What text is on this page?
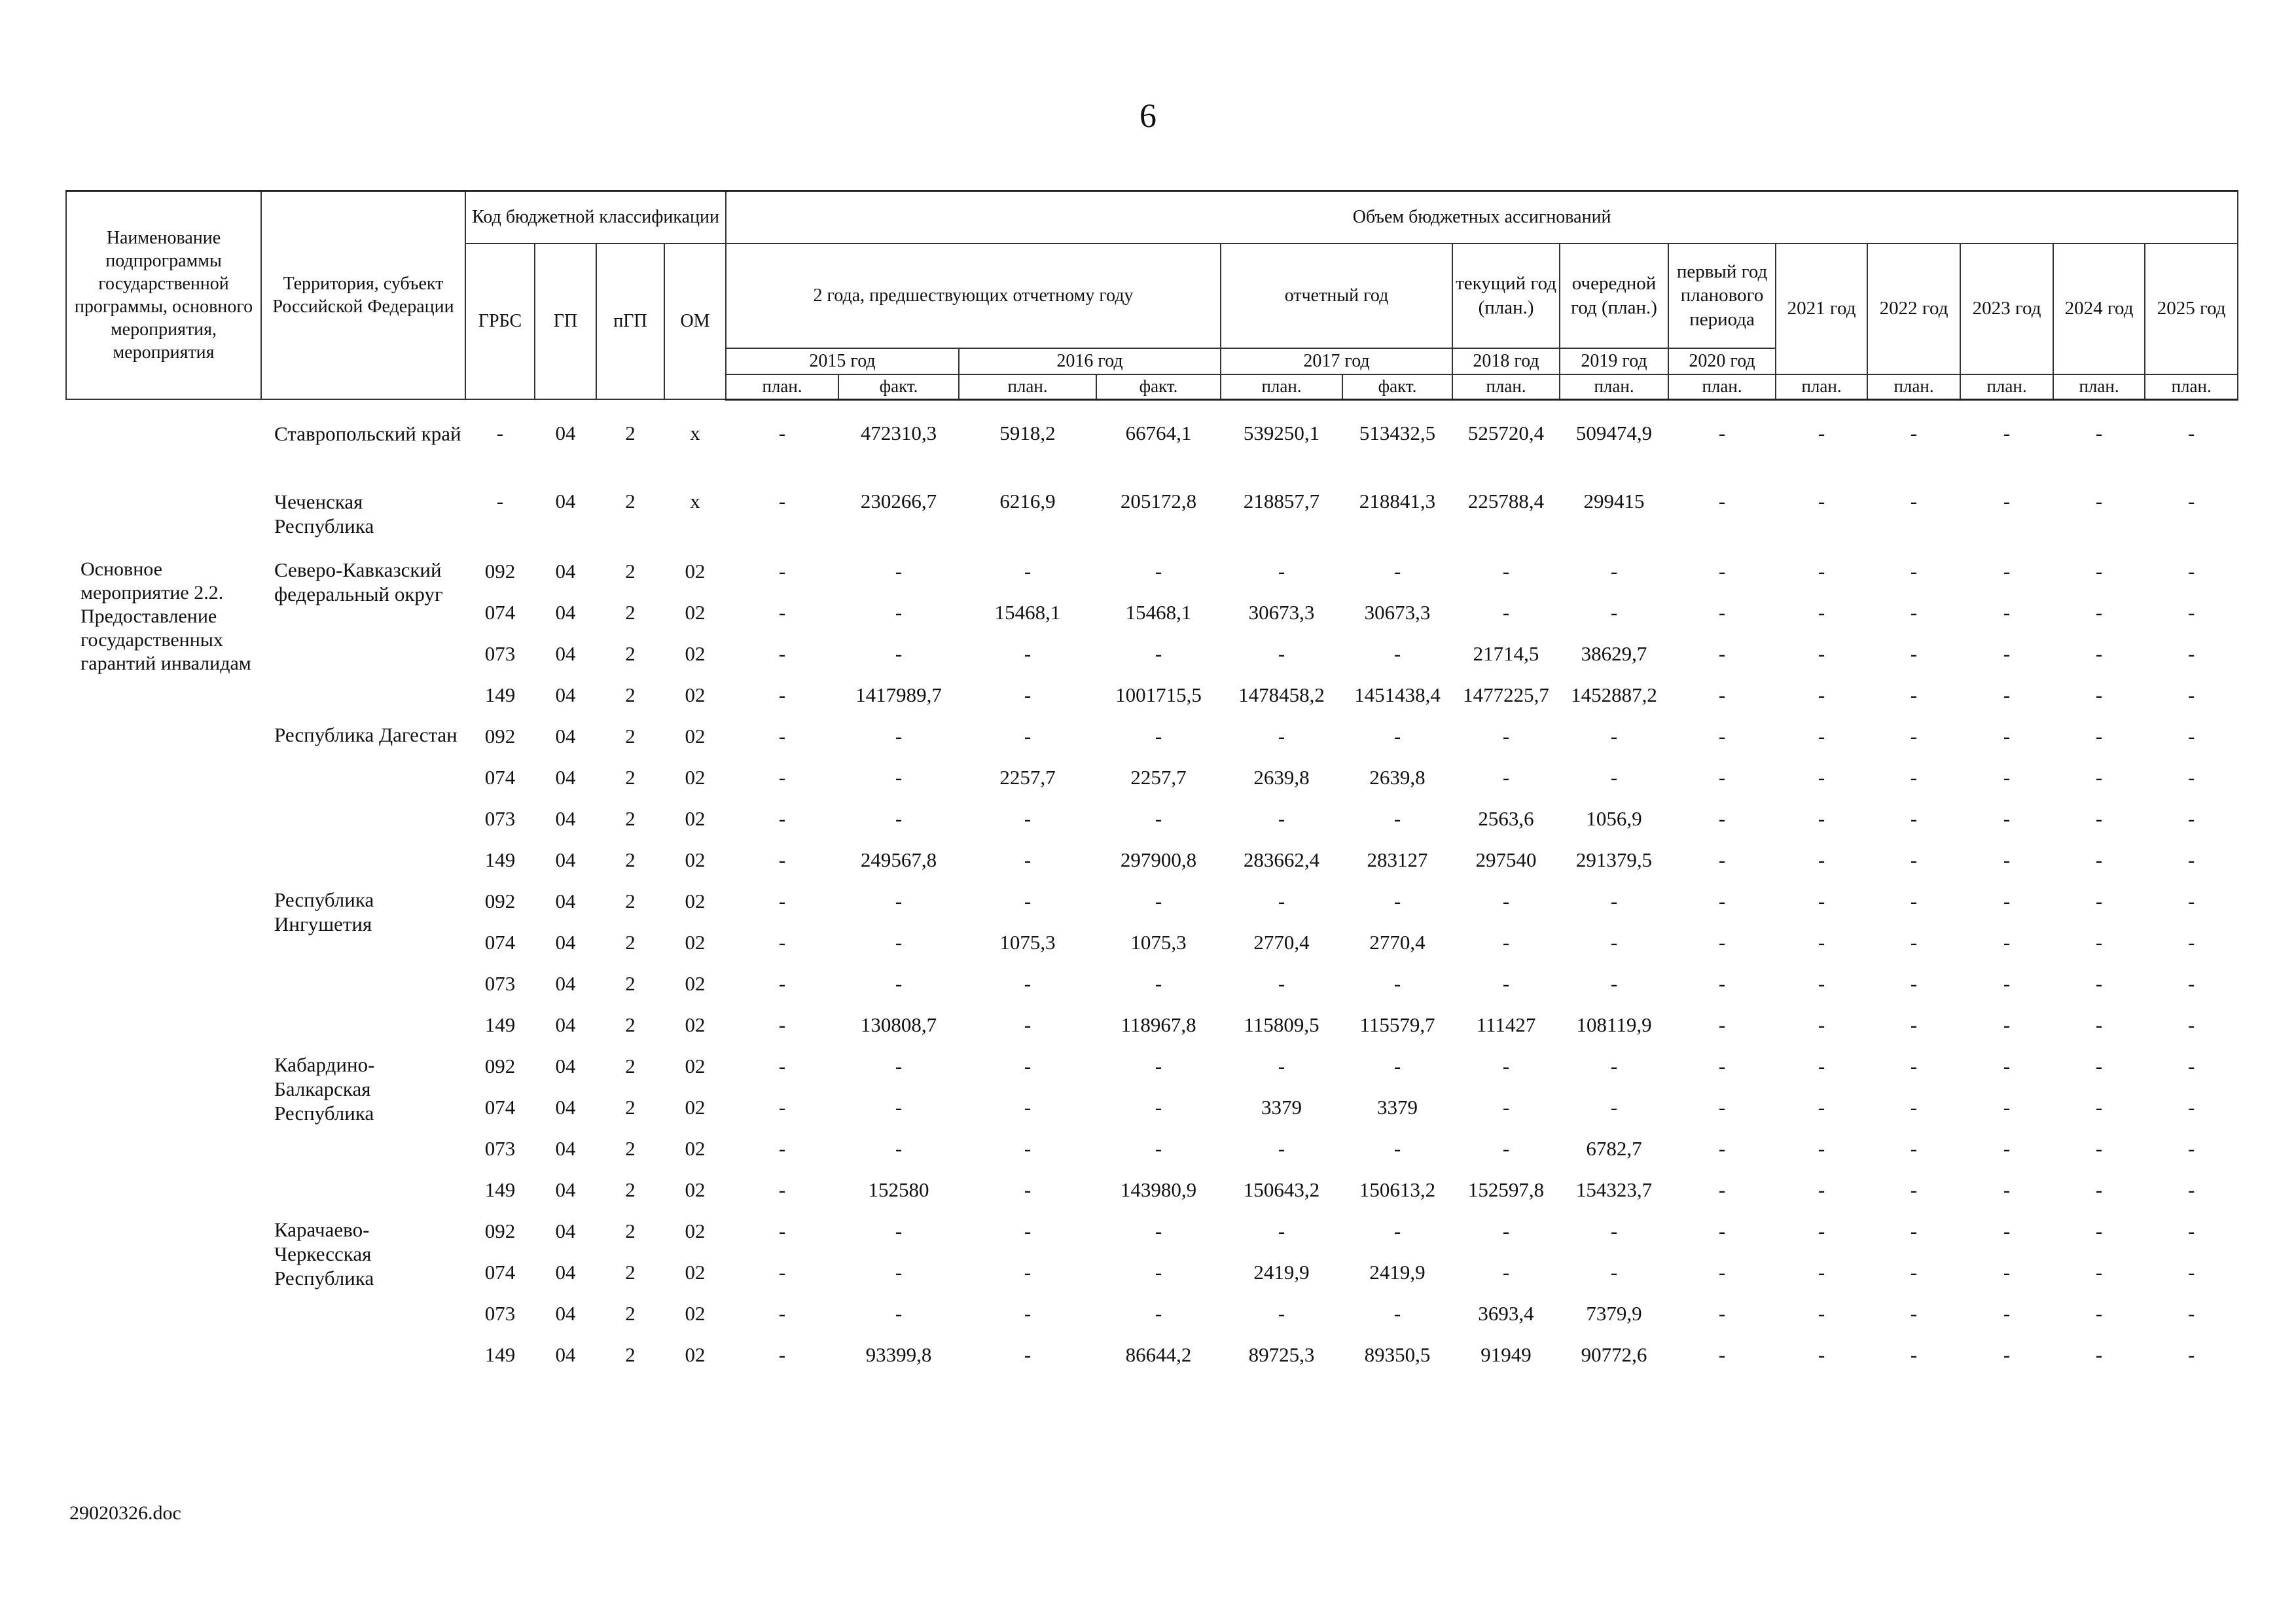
6
Наименование подпрограммы государственной программы, основного мероприятия, мероприятия	Территория, субъект Российской Федерации	Код бюджетной классификации				Объем бюджетных ассигнований													
		ГРБС	ГП	пГП	ОМ	2 года, предшествующих отчетному году				отчетный год		текущий год (план.)	очередной год (план.)	первый год планового периода	2021 год	2022 год	2023 год	2024 год	2025 год
						2015 год		2016 год		2017 год		2018 год	2019 год	2020 год					
						план.	факт.	план.	факт.	план.	факт.	план.	план.	план.	план.	план.	план.	план.	план.

	Ставропольский край	-	04	2	х	-	472310,3	5918,2	66764,1	539250,1	513432,5	525720,4	509474,9	-	-	-	-	-	-
	Чеченская Республика	-	04	2	х	-	230266,7	6216,9	205172,8	218857,7	218841,3	225788,4	299415	-	-	-	-	-	-
Основное мероприятие 2.2. Предоставление государственных гарантий инвалидам	Северо-Кавказский федеральный округ	092	04	2	02	-	-	-	-	-	-	-	-	-	-	-	-	-	-
		074	04	2	02	-	-	15468,1	15468,1	30673,3	30673,3	-	-	-	-	-	-	-	-
		073	04	2	02	-	-	-	-	-	-	21714,5	38629,7	-	-	-	-	-	-
		149	04	2	02	-	1417989,7	-	1001715,5	1478458,2	1451438,4	1477225,7	1452887,2	-	-	-	-	-	-
	Республика Дагестан	092	04	2	02	-	-	-	-	-	-	-	-	-	-	-	-	-	-
		074	04	2	02	-	-	2257,7	2257,7	2639,8	2639,8	-	-	-	-	-	-	-	-
		073	04	2	02	-	-	-	-	-	-	2563,6	1056,9	-	-	-	-	-	-
		149	04	2	02	-	249567,8	-	297900,8	283662,4	283127	297540	291379,5	-	-	-	-	-	-
	Республика Ингушетия	092	04	2	02	-	-	-	-	-	-	-	-	-	-	-	-	-	-
		074	04	2	02	-	-	1075,3	1075,3	2770,4	2770,4	-	-	-	-	-	-	-	-
		073	04	2	02	-	-	-	-	-	-	-	-	-	-	-	-	-	-
		149	04	2	02	-	130808,7	-	118967,8	115809,5	115579,7	111427	108119,9	-	-	-	-	-	-
	Кабардино-Балкарская Республика	092	04	2	02	-	-	-	-	-	-	-	-	-	-	-	-	-	-
		074	04	2	02	-	-	-	-	3379	3379	-	-	-	-	-	-	-	-
		073	04	2	02	-	-	-	-	-	-	-	6782,7	-	-	-	-	-	-
		149	04	2	02	-	152580	-	143980,9	150643,2	150613,2	152597,8	154323,7	-	-	-	-	-	-
	Карачаево-Черкесская Республика	092	04	2	02	-	-	-	-	-	-	-	-	-	-	-	-	-	-
		074	04	2	02	-	-	-	-	2419,9	2419,9	-	-	-	-	-	-	-	-
		073	04	2	02	-	-	-	-	-	-	3693,4	7379,9	-	-	-	-	-	-
		149	04	2	02	-	93399,8	-	86644,2	89725,3	89350,5	91949	90772,6	-	-	-	-	-	-
29020326.doc
